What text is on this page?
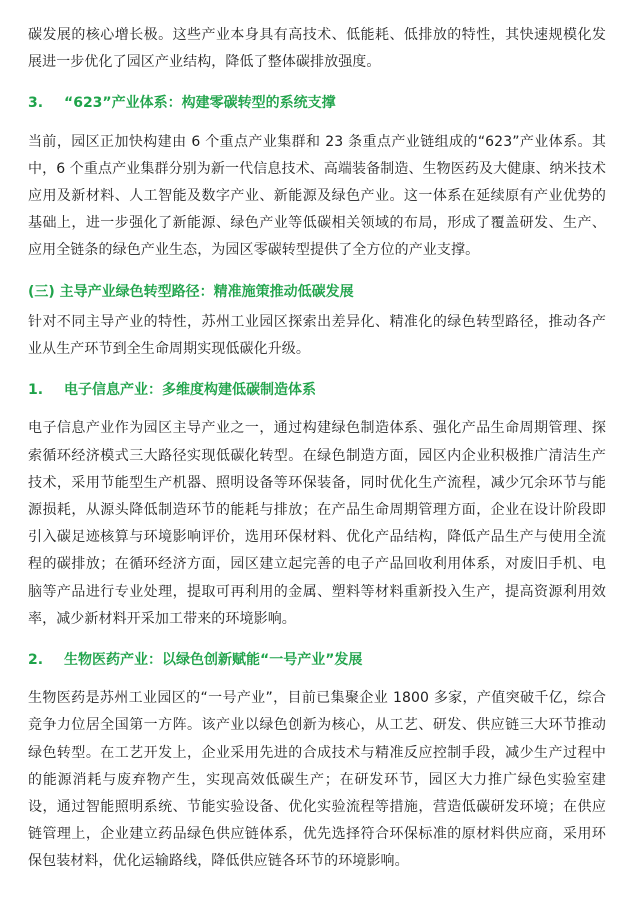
碳发展的核心增长极。这些产业本身具有高技术、低能耗、低排放的特性，其快速规模化发展进一步优化了园区产业结构，降低了整体碳排放强度。

3. “623”产业体系：构建零碳转型的系统支撑

当前，园区正加快构建由 6 个重点产业集群和 23 条重点产业链组成的“623”产业体系。其中，6 个重点产业集群分别为新一代信息技术、高端装备制造、生物医药及大健康、纳米技术应用及新材料、人工智能及数字产业、新能源及绿色产业。这一体系在延续原有产业优势的基础上，进一步强化了新能源、绿色产业等低碳相关领域的布局，形成了覆盖研发、生产、应用全链条的绿色产业生态，为园区零碳转型提供了全方位的产业支撑。

(三) 主导产业绿色转型路径：精准施策推动低碳发展

针对不同主导产业的特性，苏州工业园区探索出差异化、精准化的绿色转型路径，推动各产业从生产环节到全生命周期实现低碳化升级。

1. 电子信息产业：多维度构建低碳制造体系

电子信息产业作为园区主导产业之一，通过构建绿色制造体系、强化产品生命周期管理、探索循环经济模式三大路径实现低碳化转型。在绿色制造方面，园区内企业积极推广清洁生产技术，采用节能型生产机器、照明设备等环保装备，同时优化生产流程，减少冗余环节与能源损耗，从源头降低制造环节的能耗与排放；在产品生命周期管理方面，企业在设计阶段即引入碳足迹核算与环境影响评价，选用环保材料、优化产品结构，降低产品生产与使用全流程的碳排放；在循环经济方面，园区建立起完善的电子产品回收利用体系，对废旧手机、电脑等产品进行专业处理，提取可再利用的金属、塑料等材料重新投入生产，提高资源利用效率，减少新材料开采加工带来的环境影响。

2. 生物医药产业：以绿色创新赋能“一号产业”发展

生物医药是苏州工业园区的“一号产业”，目前已集聚企业 1800 多家，产值突破千亿，综合竞争力位居全国第一方阵。该产业以绿色创新为核心，从工艺、研发、供应链三大环节推动绿色转型。在工艺开发上，企业采用先进的合成技术与精准反应控制手段，减少生产过程中的能源消耗与废弃物产生，实现高效低碳生产；在研发环节，园区大力推广绿色实验室建设，通过智能照明系统、节能实验设备、优化实验流程等措施，营造低碳研发环境；在供应链管理上，企业建立药品绿色供应链体系，优先选择符合环保标准的原材料供应商，采用环保包装材料，优化运输路线，降低供应链各环节的环境影响。
